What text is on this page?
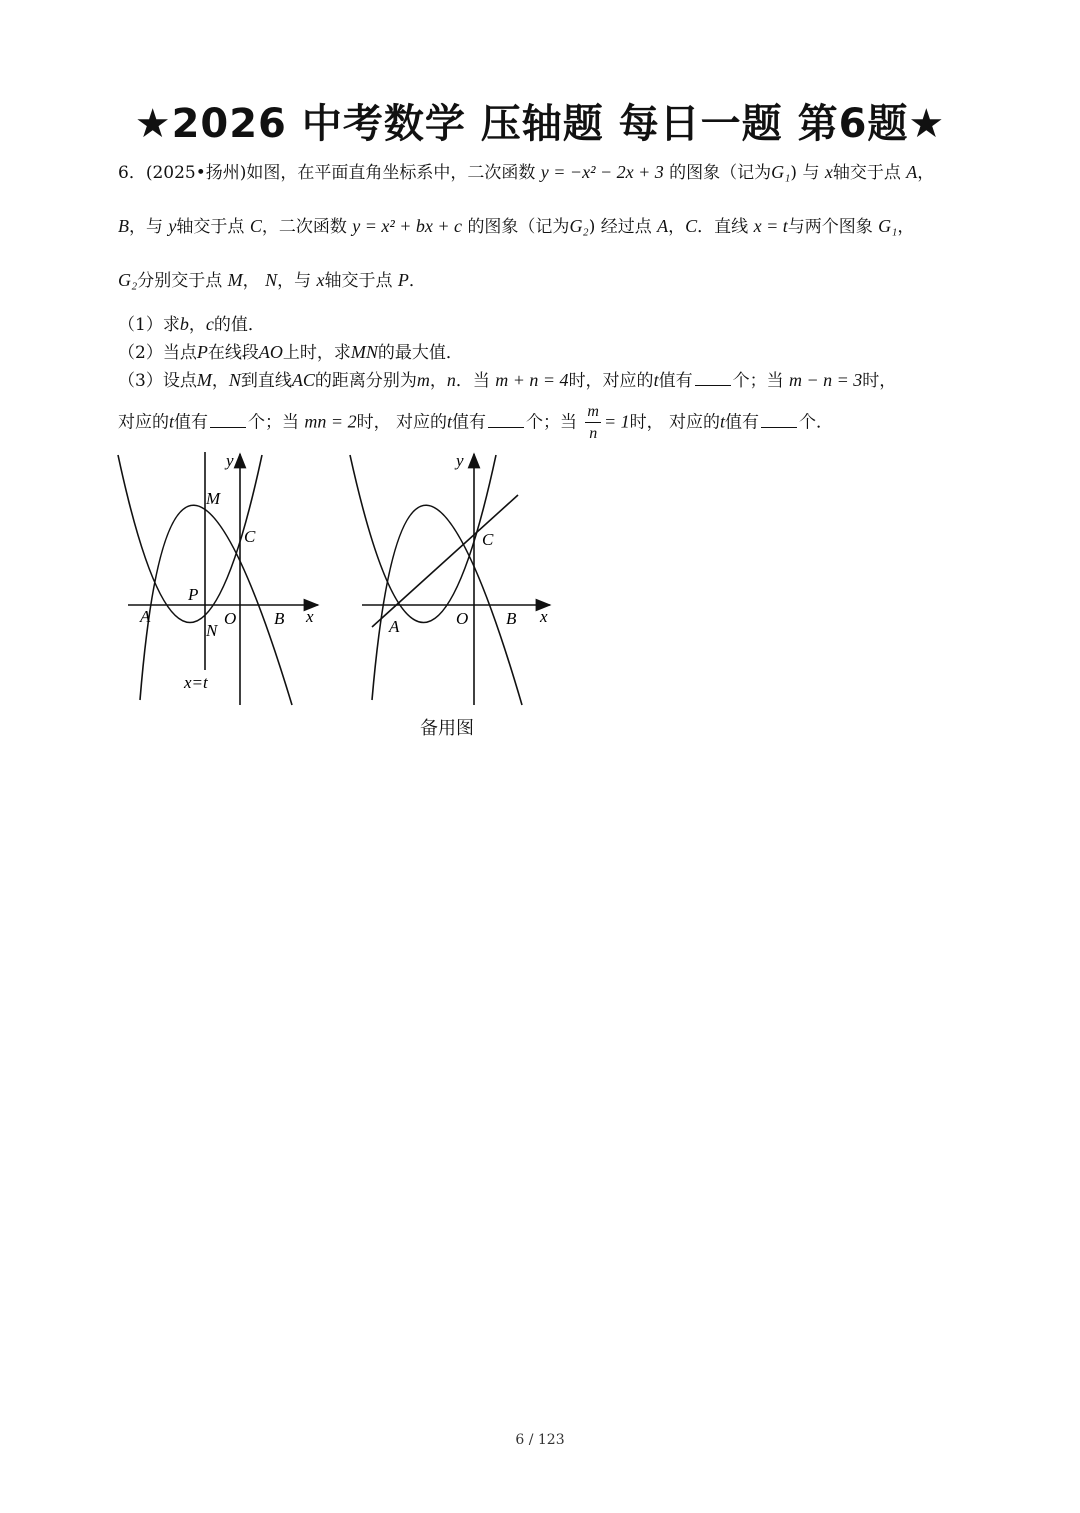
★2026 中考数学 压轴题 每日一题 第6题★
6．(2025•扬州)如图，在平面直角坐标系中，二次函数 y = −x² − 2x + 3 的图象（记为G₁) 与 x轴交于点 A，
B，与 y轴交于点 C，二次函数 y = x² + bx + c 的图象（记为G₂) 经过点 A，C．直线 x = t与两个图象 G₁，
G₂分别交于点 M， N，与 x轴交于点 P．
（1）求b，c的值．
（2）当点P在线段AO上时，求MN的最大值．
（3）设点M，N到直线AC的距离分别为m，n．当 m + n = 4时，对应的t值有 个；当 m − n = 3时，
对应的t值有 个；当 mn = 2时， 对应的t值有 个；当 $\frac{m}{n} = 1$时， 对应的t值有 个．
y
M
C
P
A
N
O B x
x=t
y
C
A	O B x
备用图
6 / 123
